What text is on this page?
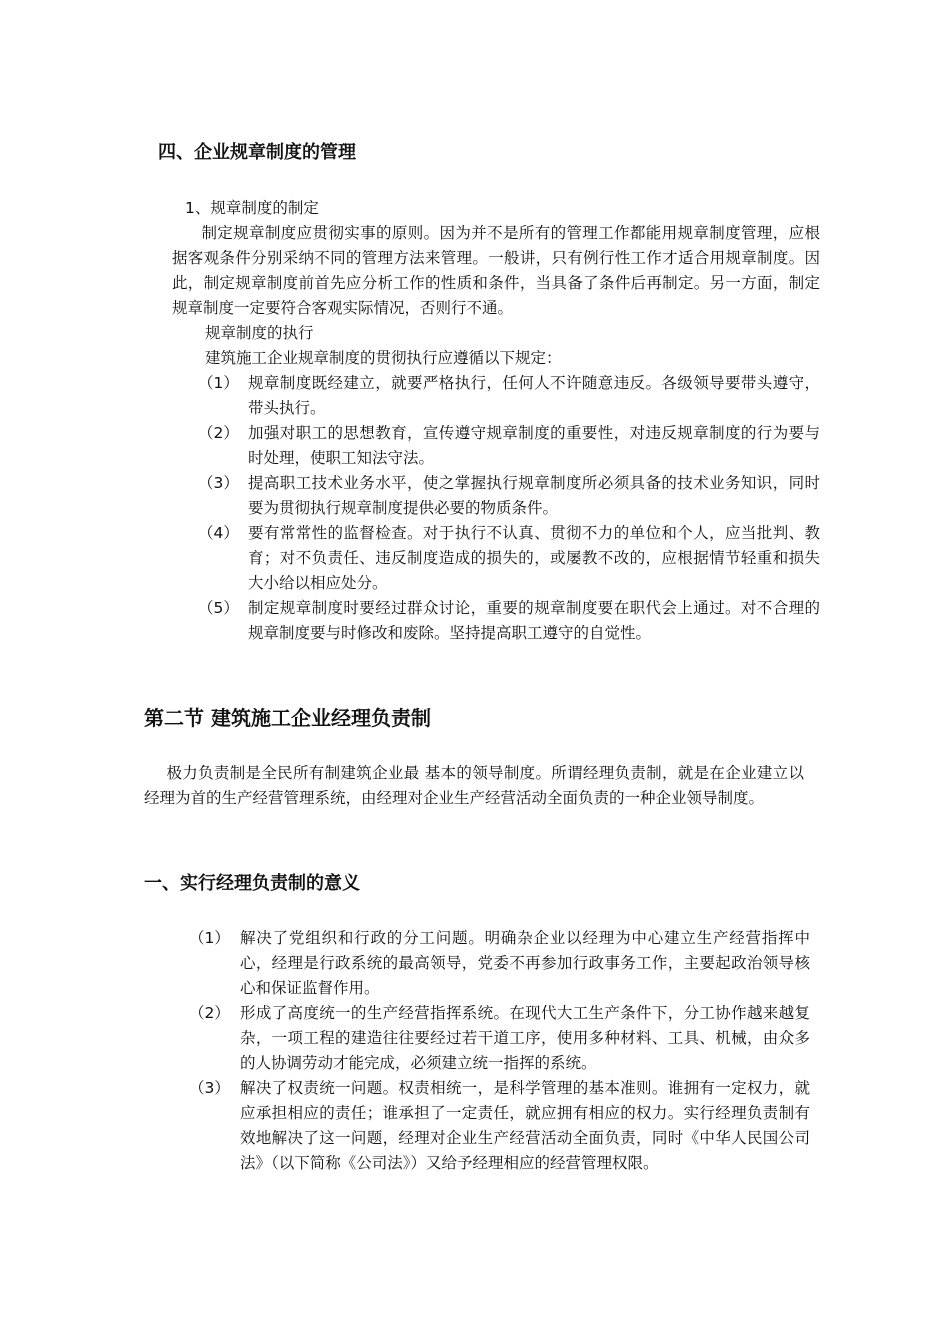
四、企业规章制度的管理
1、规章制度的制定
制定规章制度应贯彻实事的原则。因为并不是所有的管理工作都能用规章制度管理，应根据客观条件分别采纳不同的管理方法来管理。一般讲，只有例行性工作才适合用规章制度。因此，制定规章制度前首先应分析工作的性质和条件，当具备了条件后再制定。另一方面，制定规章制度一定要符合客观实际情况，否则行不通。
规章制度的执行
建筑施工企业规章制度的贯彻执行应遵循以下规定：
（1） 规章制度既经建立，就要严格执行，任何人不许随意违反。各级领导要带头遵守，带头执行。
（2） 加强对职工的思想教育，宣传遵守规章制度的重要性，对违反规章制度的行为要与时处理，使职工知法守法。
（3） 提高职工技术业务水平，使之掌握执行规章制度所必须具备的技术业务知识，同时要为贯彻执行规章制度提供必要的物质条件。
（4） 要有常常性的监督检查。对于执行不认真、贯彻不力的单位和个人，应当批判、教育；对不负责任、违反制度造成的损失的，或屡教不改的，应根据情节轻重和损失大小给以相应处分。
（5） 制定规章制度时要经过群众讨论，重要的规章制度要在职代会上通过。对不合理的规章制度要与时修改和废除。坚持提高职工遵守的自觉性。
第二节 建筑施工企业经理负责制
极力负责制是全民所有制建筑企业最 基本的领导制度。所谓经理负责制，就是在企业建立以经理为首的生产经营管理系统，由经理对企业生产经营活动全面负责的一种企业领导制度。
一、实行经理负责制的意义
（1） 解决了党组织和行政的分工问题。明确杂企业以经理为中心建立生产经营指挥中心，经理是行政系统的最高领导，党委不再参加行政事务工作，主要起政治领导核心和保证监督作用。
（2） 形成了高度统一的生产经营指挥系统。在现代大工生产条件下，分工协作越来越复杂，一项工程的建造往往要经过若干道工序，使用多种材料、工具、机械，由众多的人协调劳动才能完成，必须建立统一指挥的系统。
（3） 解决了权责统一问题。权责相统一，是科学管理的基本准则。谁拥有一定权力，就应承担相应的责任；谁承担了一定责任，就应拥有相应的权力。实行经理负责制有效地解决了这一问题，经理对企业生产经营活动全面负责，同时《中华人民国公司法》（以下简称《公司法》）又给予经理相应的经营管理权限。
